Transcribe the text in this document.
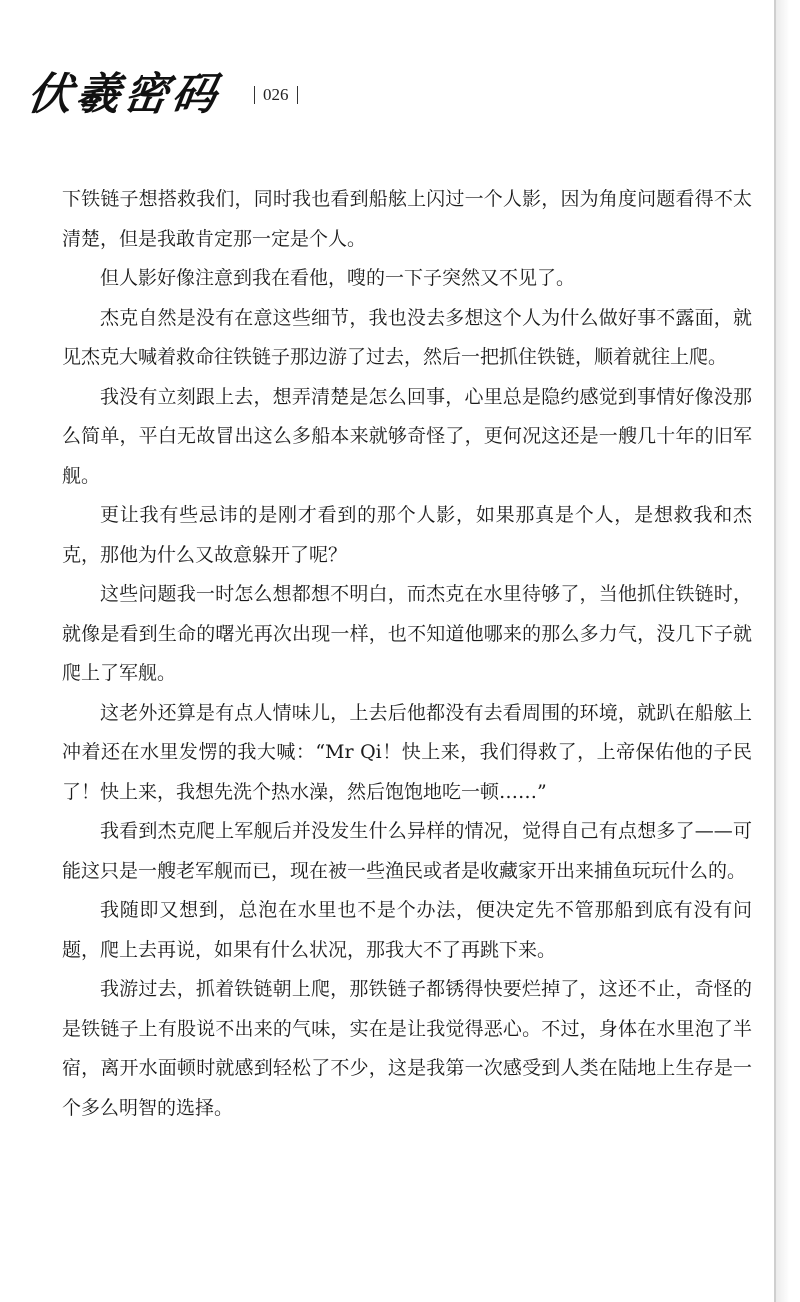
伏羲密码 026

下铁链子想搭救我们，同时我也看到船舷上闪过一个人影，因为角度问题看得不太清楚，但是我敢肯定那一定是个人。

但人影好像注意到我在看他，嗖的一下子突然又不见了。

杰克自然是没有在意这些细节，我也没去多想这个人为什么做好事不露面，就见杰克大喊着救命往铁链子那边游了过去，然后一把抓住铁链，顺着就往上爬。

我没有立刻跟上去，想弄清楚是怎么回事，心里总是隐约感觉到事情好像没那么简单，平白无故冒出这么多船本来就够奇怪了，更何况这还是一艘几十年的旧军舰。

更让我有些忌讳的是刚才看到的那个人影，如果那真是个人，是想救我和杰克，那他为什么又故意躲开了呢？

这些问题我一时怎么想都想不明白，而杰克在水里待够了，当他抓住铁链时，就像是看到生命的曙光再次出现一样，也不知道他哪来的那么多力气，没几下子就爬上了军舰。

这老外还算是有点人情味儿，上去后他都没有去看周围的环境，就趴在船舷上冲着还在水里发愣的我大喊：“Mr Qi！快上来，我们得救了，上帝保佑他的子民了！快上来，我想先洗个热水澡，然后饱饱地吃一顿……”

我看到杰克爬上军舰后并没发生什么异样的情况，觉得自己有点想多了——可能这只是一艘老军舰而已，现在被一些渔民或者是收藏家开出来捕鱼玩玩什么的。

我随即又想到，总泡在水里也不是个办法，便决定先不管那船到底有没有问题，爬上去再说，如果有什么状况，那我大不了再跳下来。

我游过去，抓着铁链朝上爬，那铁链子都锈得快要烂掉了，这还不止，奇怪的是铁链子上有股说不出来的气味，实在是让我觉得恶心。不过，身体在水里泡了半宿，离开水面顿时就感到轻松了不少，这是我第一次感受到人类在陆地上生存是一个多么明智的选择。
